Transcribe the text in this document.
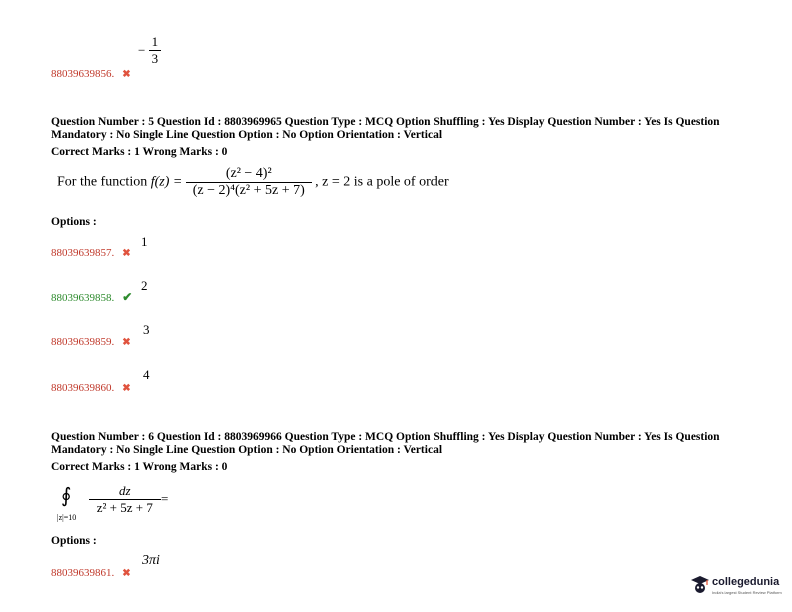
− $\frac{1}{3}$
88039639856. ✖
Question Number : 5 Question Id : 8803969965 Question Type : MCQ Option Shuffling : Yes Display Question Number : Yes Is Question Mandatory : No Single Line Question Option : No Option Orientation : Vertical
Correct Marks : 1 Wrong Marks : 0
For the function $f(z) = \frac{\text{(z² − 4)²}}{\text{(z − 2)⁴(z² + 5z + 7)}}$ , z = 2 is a pole of order
Options :
88039639857. ✖
1
88039639858. ✔
2
88039639859. ✖
3
88039639860. ✖
4
Question Number : 6 Question Id : 8803969966 Question Type : MCQ Option Shuffling : Yes Display Question Number : Yes Is Question Mandatory : No Single Line Question Option : No Option Orientation : Vertical
Correct Marks : 1 Wrong Marks : 0
∮
|z|=10
$\frac{dz}{\text{z² + 5z + 7}}$ =
Options :
88039639861. ✖
3πi
collegedunia
India's largest Student Review Platform
